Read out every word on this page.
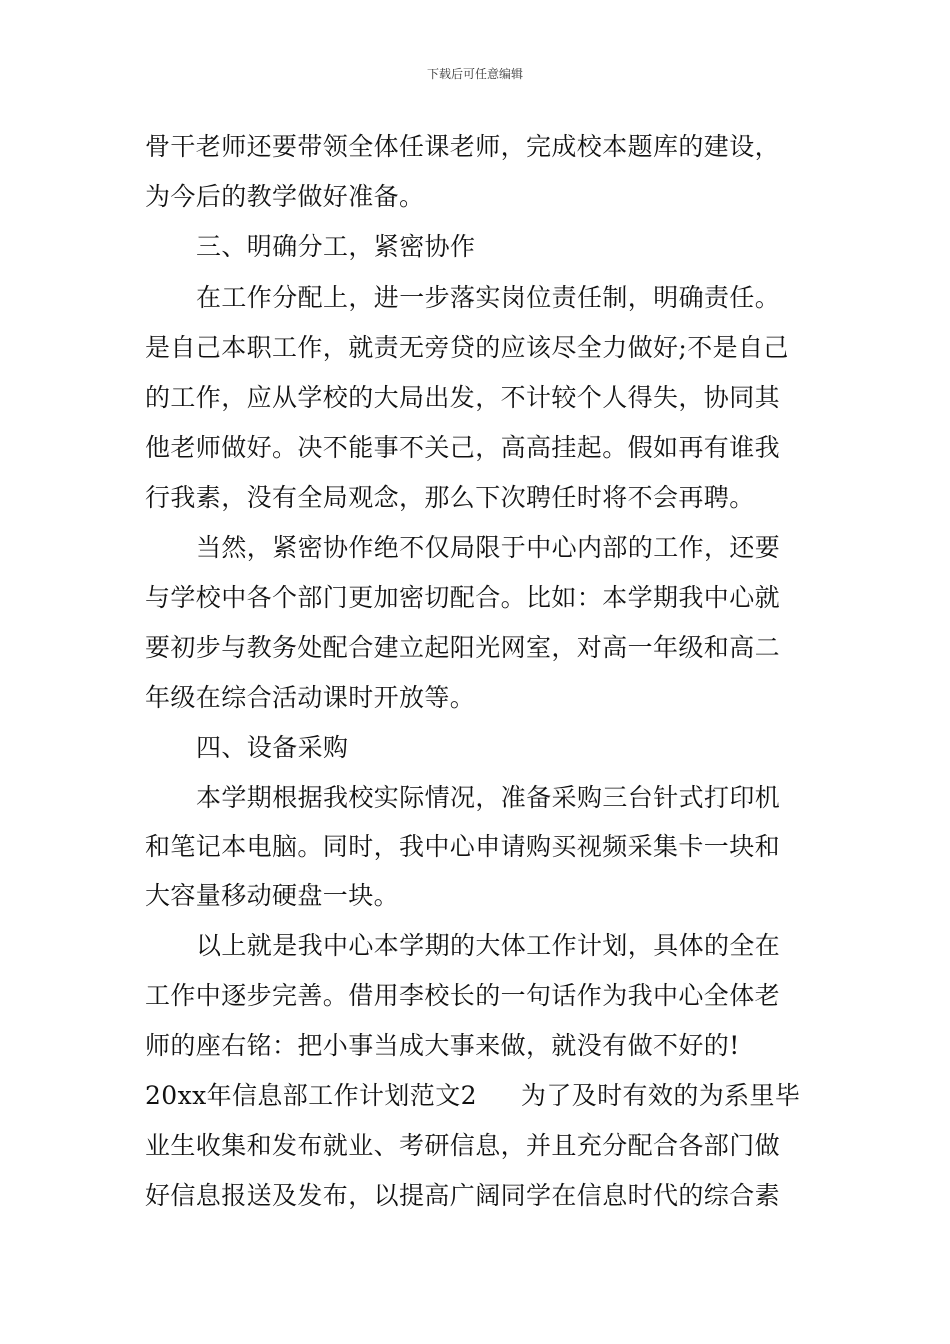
下载后可任意编辑
骨干老师还要带领全体任课老师，完成校本题库的建设，
为今后的教学做好准备。
三、明确分工，紧密协作
在工作分配上，进一步落实岗位责任制，明确责任。
是自己本职工作，就责无旁贷的应该尽全力做好;不是自己
的工作，应从学校的大局出发，不计较个人得失，协同其
他老师做好。决不能事不关己，高高挂起。假如再有谁我
行我素，没有全局观念，那么下次聘任时将不会再聘。
当然，紧密协作绝不仅局限于中心内部的工作，还要
与学校中各个部门更加密切配合。比如：本学期我中心就
要初步与教务处配合建立起阳光网室，对高一年级和高二
年级在综合活动课时开放等。
四、设备采购
本学期根据我校实际情况，准备采购三台针式打印机
和笔记本电脑。同时，我中心申请购买视频采集卡一块和
大容量移动硬盘一块。
以上就是我中心本学期的大体工作计划，具体的全在
工作中逐步完善。借用李校长的一句话作为我中心全体老
师的座右铭：把小事当成大事来做，就没有做不好的!
20xx年信息部工作计划范文2 为了及时有效的为系里毕
业生收集和发布就业、考研信息，并且充分配合各部门做
好信息报送及发布，以提高广阔同学在信息时代的综合素
